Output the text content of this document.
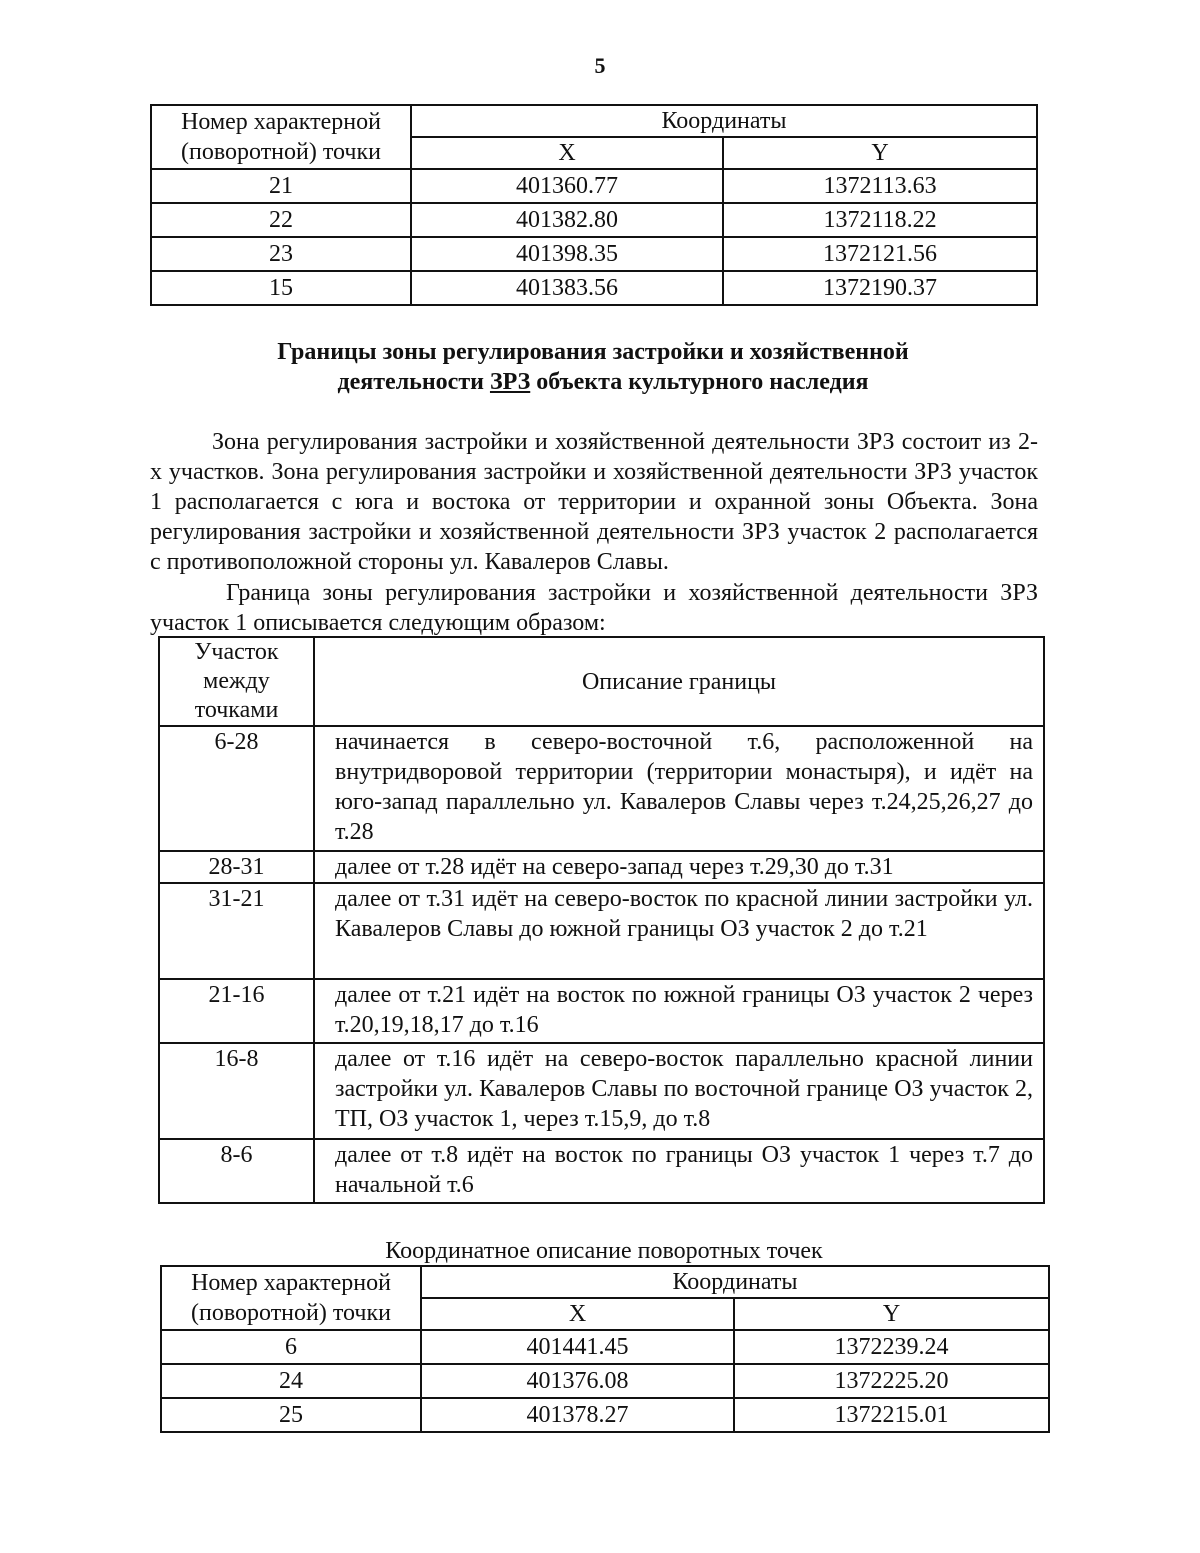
5
Номер характерной (поворотной) точки	Координаты	
	X	Y
21	401360.77	1372113.63
22	401382.80	1372118.22
23	401398.35	1372121.56
15	401383.56	1372190.37
Границы зоны регулирования застройки и хозяйственной
деятельности ЗРЗ объекта культурного наследия

Зона регулирования застройки и хозяйственной деятельности ЗРЗ состоит из 2-х участков. Зона регулирования застройки и хозяйственной деятельности ЗРЗ участок 1 располагается с юга и востока от территории и охранной зоны Объекта. Зона регулирования застройки и хозяйственной деятельности ЗРЗ участок 2 располагается с противоположной стороны ул. Кавалеров Славы.

Граница зоны регулирования застройки и хозяйственной деятельности ЗРЗ участок 1 описывается следующим образом:

Участок между точками	Описание границы
6-28	начинается в северо-восточной т.6, расположенной на внутридворовой территории (территории монастыря), и идёт на юго-запад параллельно ул. Кавалеров Славы через т.24,25,26,27 до т.28
28-31	далее от т.28 идёт на северо-запад через т.29,30 до т.31
31-21	далее от т.31 идёт на северо-восток по красной линии застройки ул. Кавалеров Славы до южной границы ОЗ участок 2 до т.21
21-16	далее от т.21 идёт на восток по южной границы ОЗ участок 2 через т.20,19,18,17 до т.16
16-8	далее от т.16 идёт на северо-восток параллельно красной линии застройки ул. Кавалеров Славы по восточной границе ОЗ участок 2, ТП, ОЗ участок 1, через т.15,9, до т.8
8-6	далее от т.8 идёт на восток по границы ОЗ участок 1 через т.7 до начальной т.6
Координатное описание поворотных точек
Номер характерной (поворотной) точки	Координаты	
	X	Y
6	401441.45	1372239.24
24	401376.08	1372225.20
25	401378.27	1372215.01
